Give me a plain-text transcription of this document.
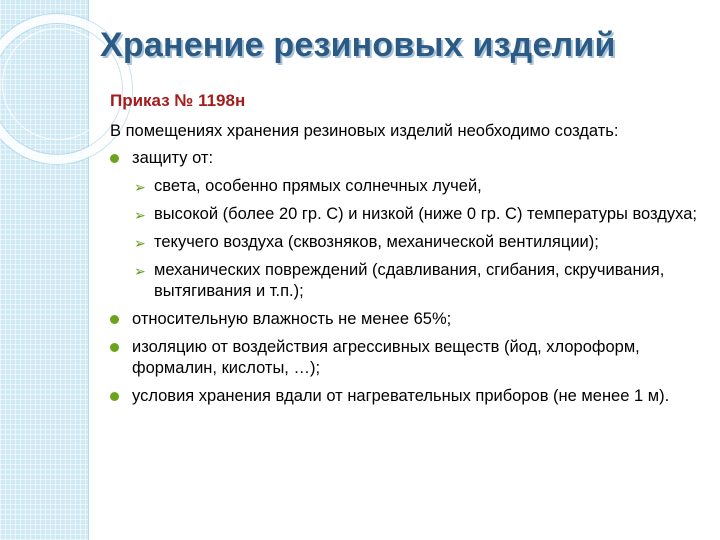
Хранение резиновых изделий
Приказ № 1198н
В помещениях хранения резиновых изделий необходимо создать:
защиту от:
➢ света, особенно прямых солнечных лучей,
➢ высокой (более 20 гр. С) и низкой (ниже 0 гр. С) температуры воздуха;
➢ текучего воздуха (сквозняков, механической вентиляции);
➢ механических повреждений (сдавливания, сгибания, скручивания, вытягивания и т.п.);
относительную влажность не менее 65%;
изоляцию от воздействия агрессивных веществ (йод, хлороформ, формалин, кислоты, …);
условия хранения вдали от нагревательных приборов (не менее 1 м).
